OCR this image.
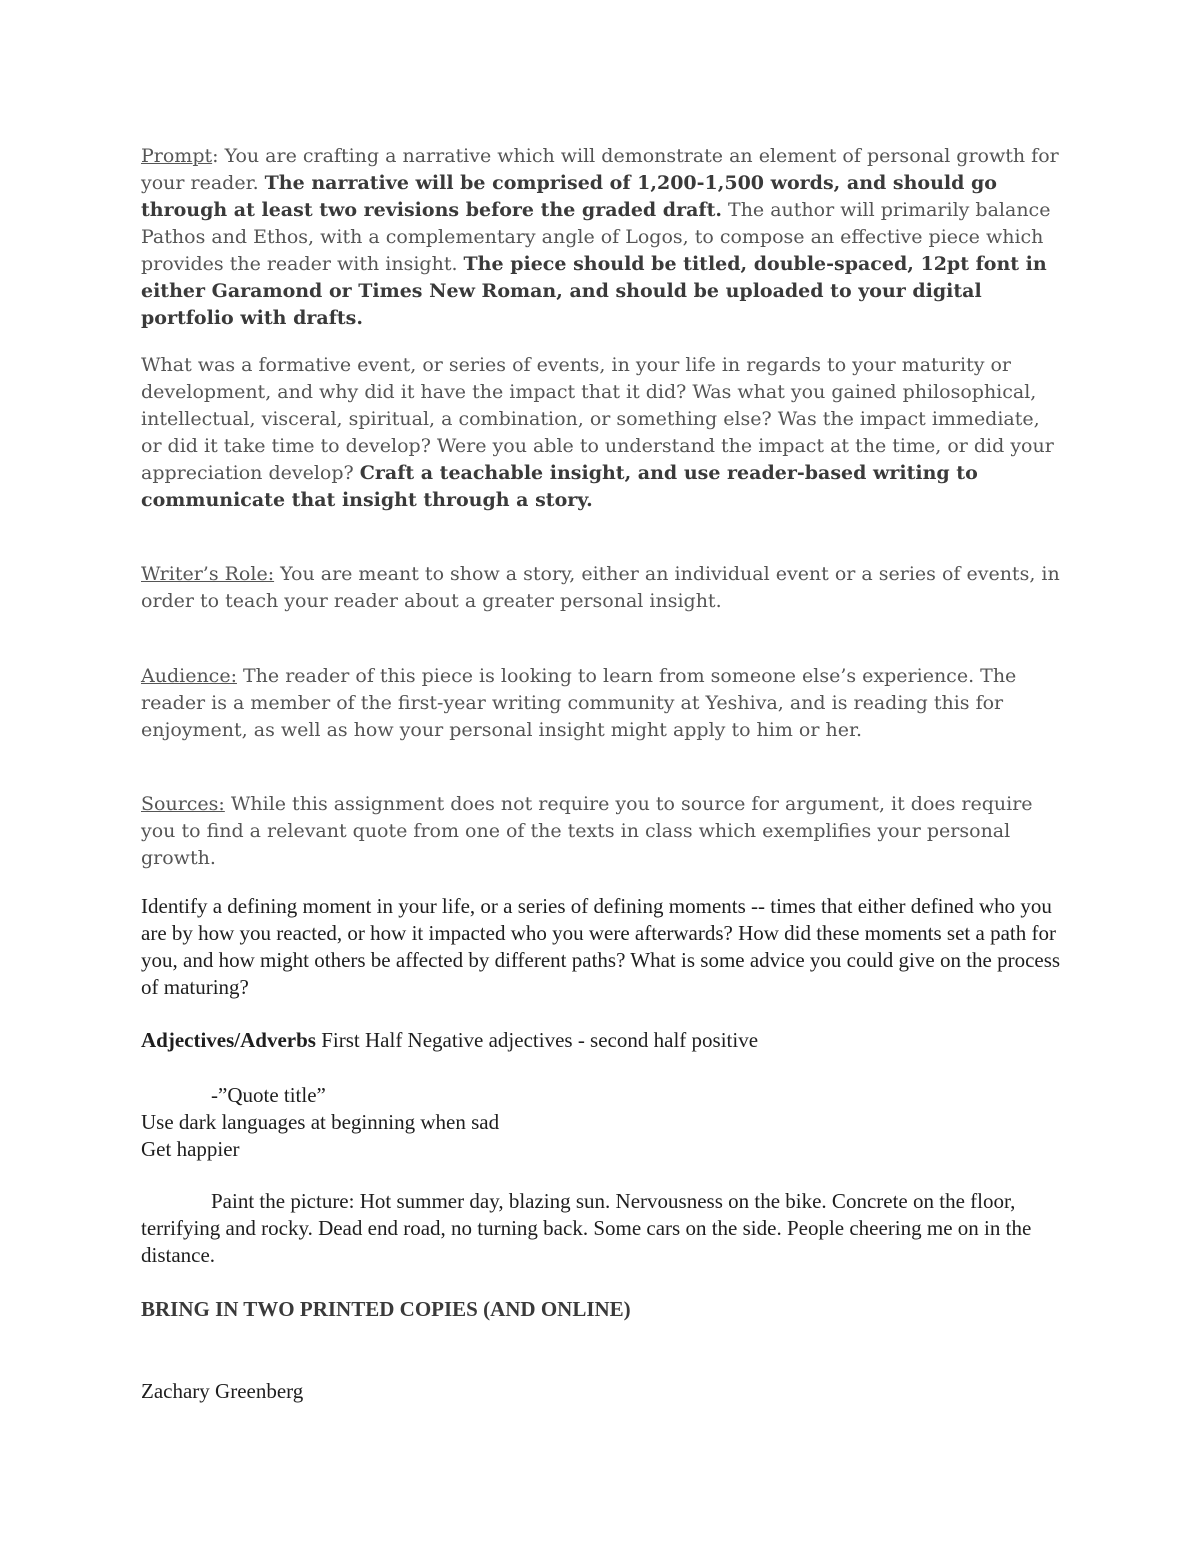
Prompt: You are crafting a narrative which will demonstrate an element of personal growth for your reader. The narrative will be comprised of 1,200-1,500 words, and should go through at least two revisions before the graded draft. The author will primarily balance Pathos and Ethos, with a complementary angle of Logos, to compose an effective piece which provides the reader with insight. The piece should be titled, double-spaced, 12pt font in either Garamond or Times New Roman, and should be uploaded to your digital portfolio with drafts.

What was a formative event, or series of events, in your life in regards to your maturity or development, and why did it have the impact that it did? Was what you gained philosophical, intellectual, visceral, spiritual, a combination, or something else? Was the impact immediate, or did it take time to develop? Were you able to understand the impact at the time, or did your appreciation develop? Craft a teachable insight, and use reader-based writing to communicate that insight through a story.

Writer’s Role: You are meant to show a story, either an individual event or a series of events, in order to teach your reader about a greater personal insight.

Audience: The reader of this piece is looking to learn from someone else’s experience. The reader is a member of the first-year writing community at Yeshiva, and is reading this for enjoyment, as well as how your personal insight might apply to him or her.

Sources: While this assignment does not require you to source for argument, it does require you to find a relevant quote from one of the texts in class which exemplifies your personal growth.

Identify a defining moment in your life, or a series of defining moments -- times that either defined who you are by how you reacted, or how it impacted who you were afterwards? How did these moments set a path for you, and how might others be affected by different paths? What is some advice you could give on the process of maturing?

Adjectives/Adverbs First Half Negative adjectives - second half positive

-”Quote title”

Use dark languages at beginning when sad

Get happier

Paint the picture: Hot summer day, blazing sun. Nervousness on the bike. Concrete on the floor, terrifying and rocky. Dead end road, no turning back. Some cars on the side. People cheering me on in the distance.

BRING IN TWO PRINTED COPIES (AND ONLINE)

Zachary Greenberg
